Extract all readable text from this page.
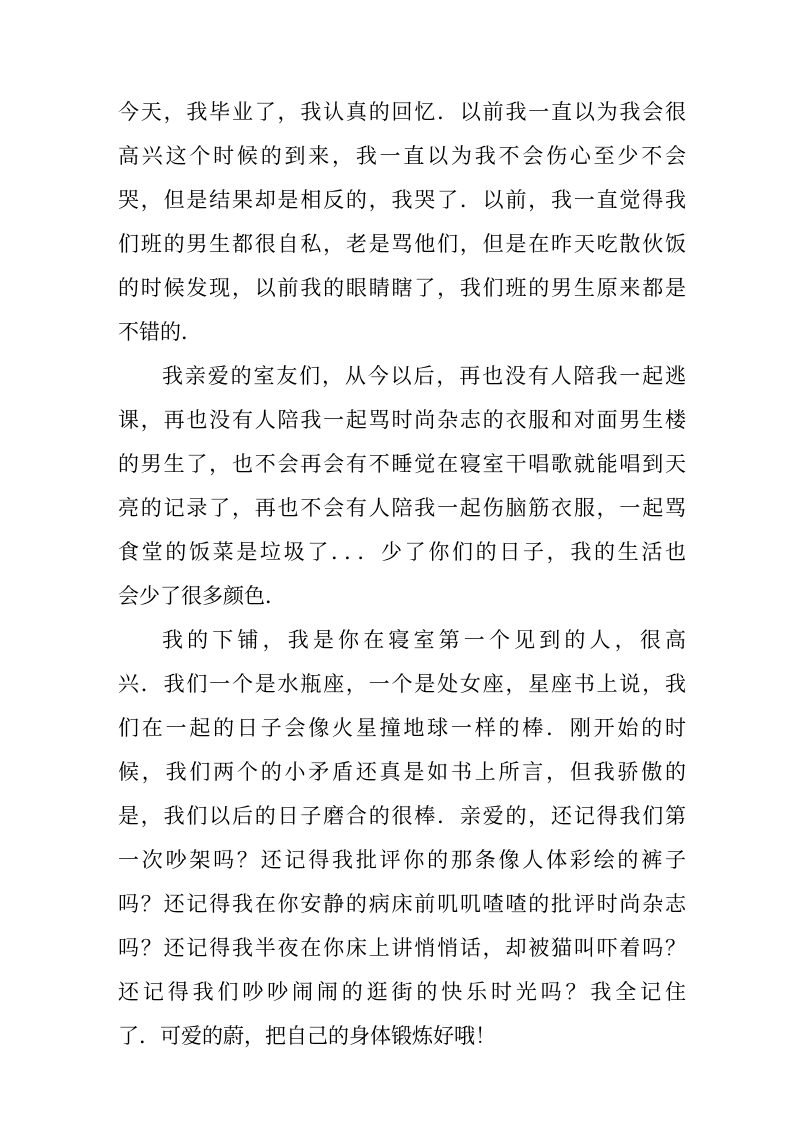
今天，我毕业了，我认真的回忆．以前我一直以为我会很
高兴这个时候的到来，我一直以为我不会伤心至少不会
哭，但是结果却是相反的，我哭了．以前，我一直觉得我
们班的男生都很自私，老是骂他们，但是在昨天吃散伙饭
的时候发现，以前我的眼睛瞎了，我们班的男生原来都是
不错的．
我亲爱的室友们，从今以后，再也没有人陪我一起逃
课，再也没有人陪我一起骂时尚杂志的衣服和对面男生楼
的男生了，也不会再会有不睡觉在寝室干唱歌就能唱到天
亮的记录了，再也不会有人陪我一起伤脑筋衣服，一起骂
食堂的饭菜是垃圾了．．．少了你们的日子，我的生活也
会少了很多颜色．
我的下铺，我是你在寝室第一个见到的人，很高
兴．我们一个是水瓶座，一个是处女座，星座书上说，我
们在一起的日子会像火星撞地球一样的棒．刚开始的时
候，我们两个的小矛盾还真是如书上所言，但我骄傲的
是，我们以后的日子磨合的很棒．亲爱的，还记得我们第
一次吵架吗？还记得我批评你的那条像人体彩绘的裤子
吗？还记得我在你安静的病床前叽叽喳喳的批评时尚杂志
吗？还记得我半夜在你床上讲悄悄话，却被猫叫吓着吗？
还记得我们吵吵闹闹的逛街的快乐时光吗？我全记住
了．可爱的蔚，把自己的身体锻炼好哦！
